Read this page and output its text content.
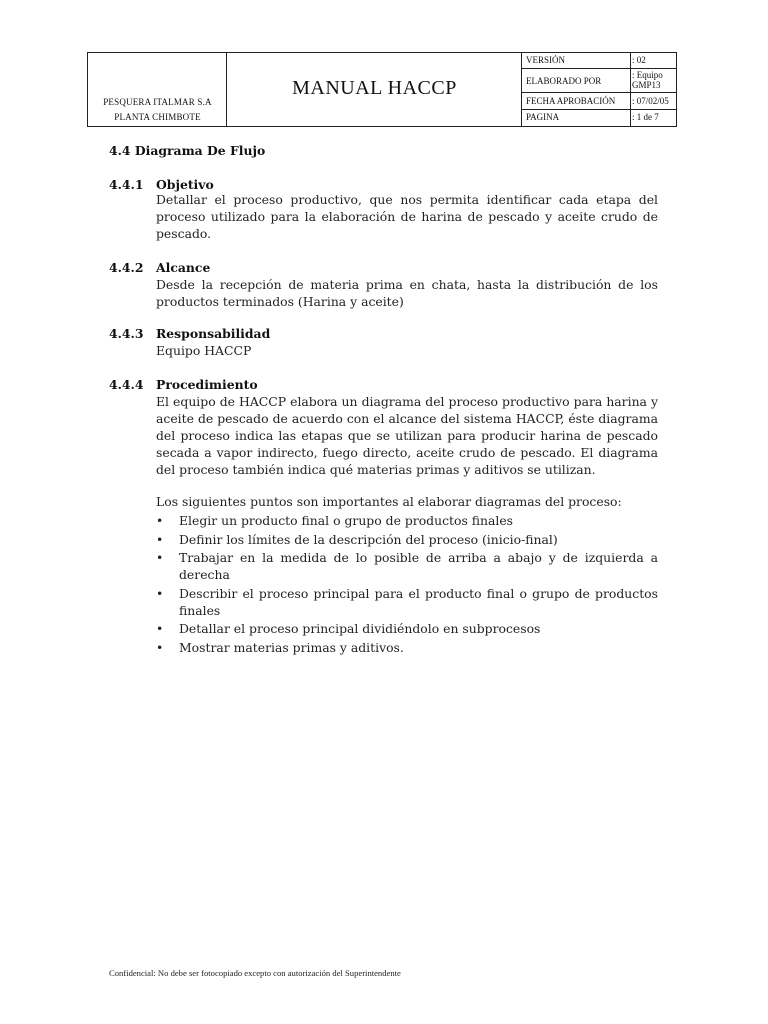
PESQUERA ITALMAR S.A
PLANTA CHIMBOTE
MANUAL HACCP
VERSIÓN	: 02
ELABORADO POR
: Equipo GMP13
FECHA APROBACIÓN : 07/02/05
PAGINA	: 1 de 7
4.4 Diagrama De Flujo
4.4.1 Objetivo
Detallar el proceso productivo, que nos permita identificar cada etapa del proceso utilizado para la elaboración de harina de pescado y aceite crudo de pescado.
4.4.2 Alcance
Desde la recepción de materia prima en chata, hasta la distribución de los productos terminados (Harina y aceite)
4.4.3 Responsabilidad
Equipo HACCP
4.4.4 Procedimiento
El equipo de HACCP elabora un diagrama del proceso productivo para harina y aceite de pescado de acuerdo con el alcance del sistema HACCP, éste diagrama del proceso indica las etapas que se utilizan para producir harina de pescado secada a vapor indirecto, fuego directo, aceite crudo de pescado. El diagrama del proceso también indica qué materias primas y aditivos se utilizan.
Los siguientes puntos son importantes al elaborar diagramas del proceso:
• Elegir un producto final o grupo de productos finales
• Definir los límites de la descripción del proceso (inicio-final)
• Trabajar en la medida de lo posible de arriba a abajo y de izquierda a derecha
• Describir el proceso principal para el producto final o grupo de productos finales
• Detallar el proceso principal dividiéndolo en subprocesos
• Mostrar materias primas y aditivos.
Confidencial: No debe ser fotocopiado excepto con autorización del Superintendente
